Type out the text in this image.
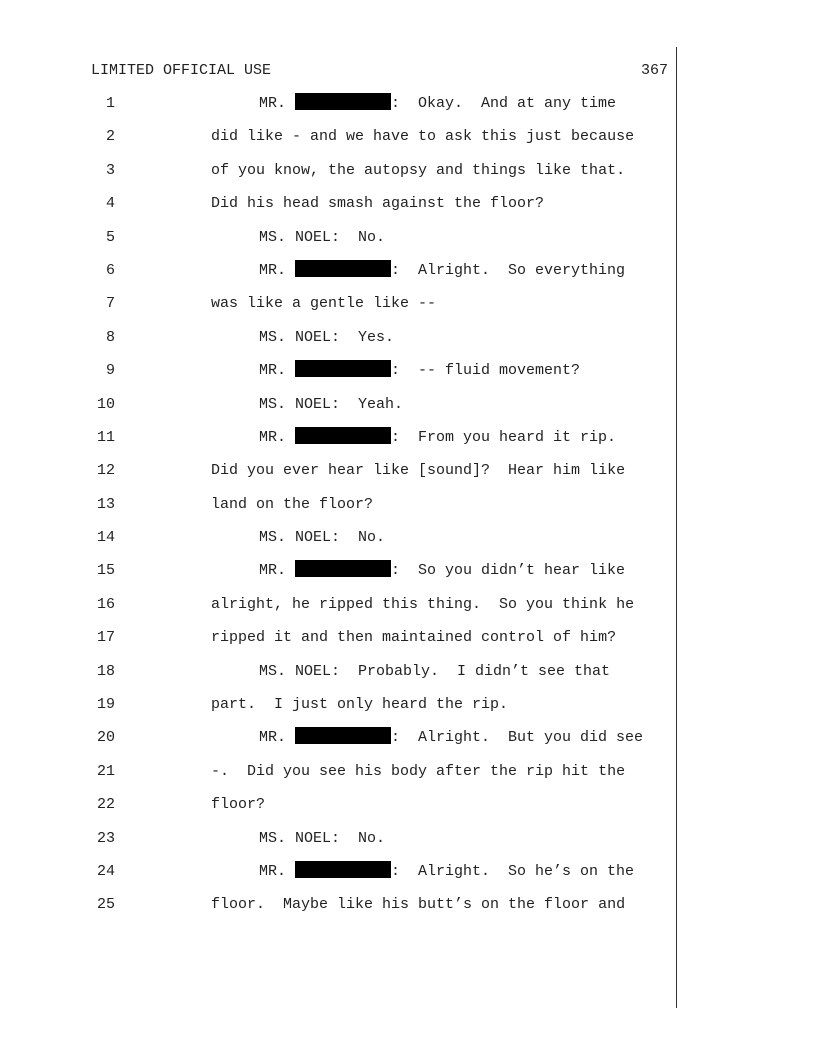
LIMITED OFFICIAL USE	367
1	MR.	:  Okay.  And at any time
2	did like - and we have to ask this just because
3	of you know, the autopsy and things like that.
4	Did his head smash against the floor?
5	MS. NOEL:  No.
6	MR.	:  Alright.  So everything
7	was like a gentle like --
8	MS. NOEL:  Yes.
9	MR.	:  -- fluid movement?
10	MS. NOEL:  Yeah.
11	MR.	:  From you heard it rip.
12	Did you ever hear like [sound]?  Hear him like
13	land on the floor?
14	MS. NOEL:  No.
15	MR.	:  So you didn’t hear like
16	alright, he ripped this thing.  So you think he
17	ripped it and then maintained control of him?
18	MS. NOEL:  Probably.  I didn’t see that
19	part.  I just only heard the rip.
20	MR.	:  Alright.  But you did see
21	-.  Did you see his body after the rip hit the
22	floor?
23	MS. NOEL:  No.
24	MR.	:  Alright.  So he’s on the
25	floor.  Maybe like his butt’s on the floor and
